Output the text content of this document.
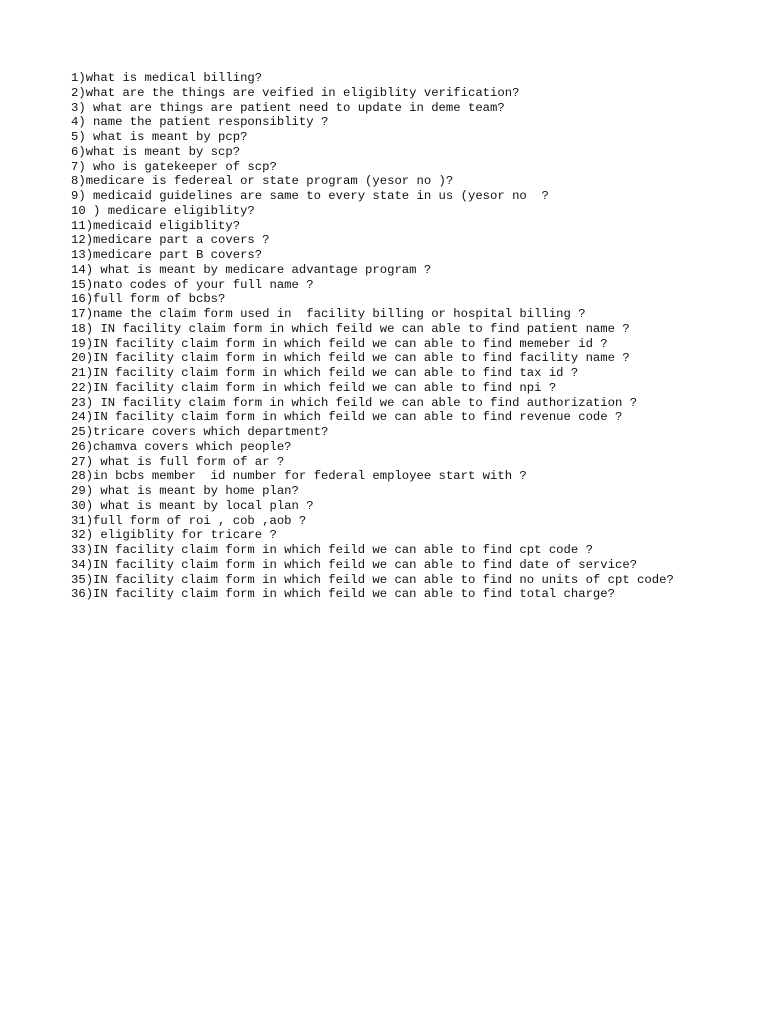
1)what is medical billing?
2)what are the things are veified in eligiblity verification?
3) what are things are patient need to update in deme team?
4) name the patient responsiblity ?
5) what is meant by pcp?
6)what is meant by scp?
7) who is gatekeeper of scp?
8)medicare is federeal or state program (yesor no )?
9) medicaid guidelines are same to every state in us (yesor no  ?
10 ) medicare eligiblity?
11)medicaid eligiblity?
12)medicare part a covers ?
13)medicare part B covers?
14) what is meant by medicare advantage program ?
15)nato codes of your full name ?
16)full form of bcbs?
17)name the claim form used in  facility billing or hospital billing ?
18) IN facility claim form in which feild we can able to find patient name ?
19)IN facility claim form in which feild we can able to find memeber id ?
20)IN facility claim form in which feild we can able to find facility name ?
21)IN facility claim form in which feild we can able to find tax id ?
22)IN facility claim form in which feild we can able to find npi ?
23) IN facility claim form in which feild we can able to find authorization ?
24)IN facility claim form in which feild we can able to find revenue code ?
25)tricare covers which department?
26)chamva covers which people?
27) what is full form of ar ?
28)in bcbs member  id number for federal employee start with ?
29) what is meant by home plan?
30) what is meant by local plan ?
31)full form of roi , cob ,aob ?
32) eligiblity for tricare ?
33)IN facility claim form in which feild we can able to find cpt code ?
34)IN facility claim form in which feild we can able to find date of service?
35)IN facility claim form in which feild we can able to find no units of cpt code?
36)IN facility claim form in which feild we can able to find total charge?
